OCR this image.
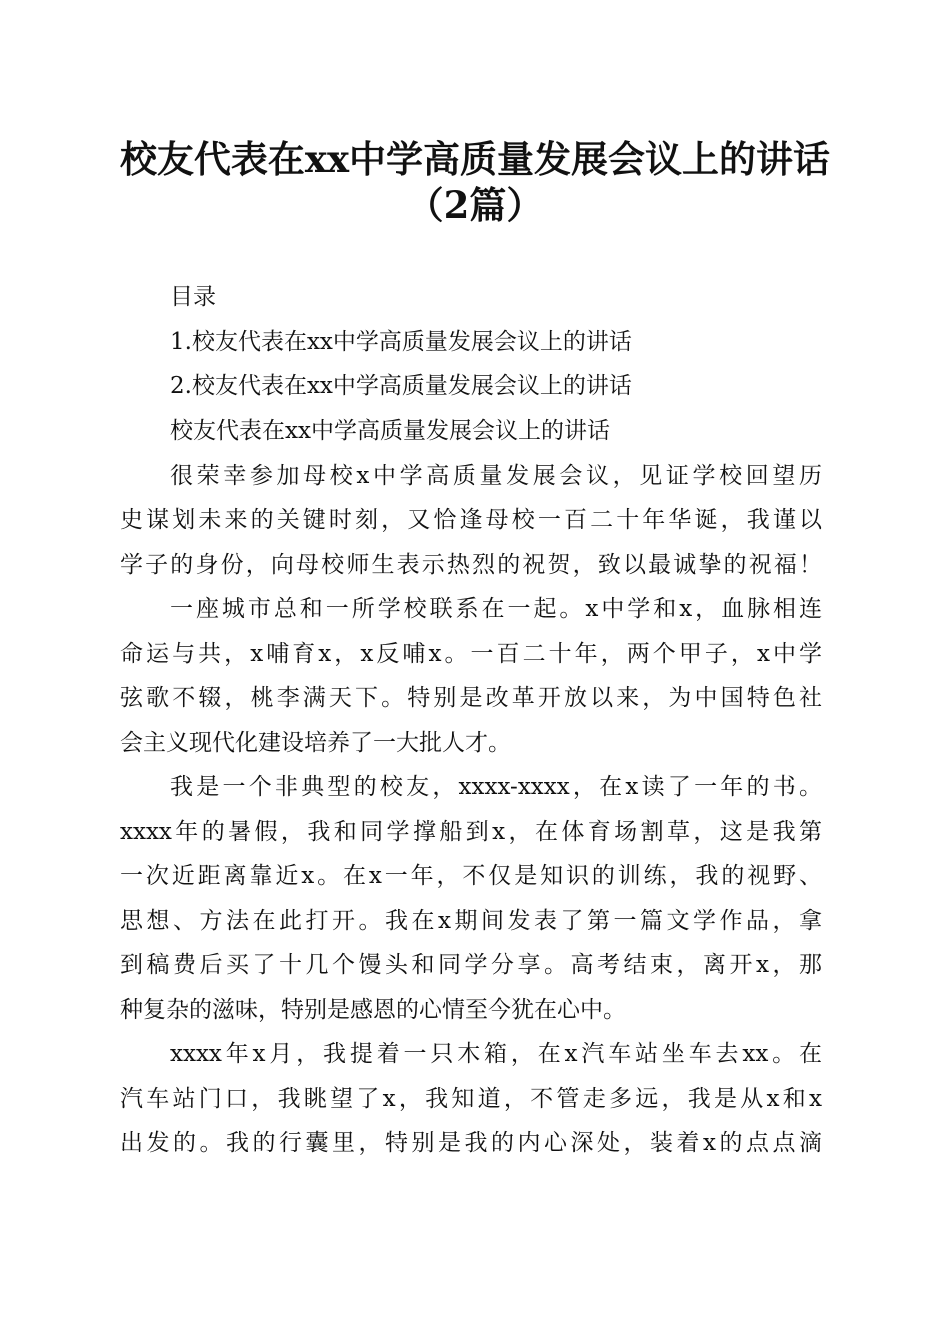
校友代表在xx中学高质量发展会议上的讲话
（2篇）

目录

1.校友代表在xx中学高质量发展会议上的讲话

2.校友代表在xx中学高质量发展会议上的讲话

校友代表在xx中学高质量发展会议上的讲话

很荣幸参加母校x中学高质量发展会议，见证学校回望历

史谋划未来的关键时刻，又恰逢母校一百二十年华诞，我谨以

学子的身份，向母校师生表示热烈的祝贺，致以最诚挚的祝福！

一座城市总和一所学校联系在一起。x中学和x，血脉相连

命运与共，x哺育x，x反哺x。一百二十年，两个甲子，x中学

弦歌不辍，桃李满天下。特别是改革开放以来，为中国特色社

会主义现代化建设培养了一大批人才。

我是一个非典型的校友，xxxx-xxxx，在x读了一年的书。

xxxx年的暑假，我和同学撑船到x，在体育场割草，这是我第

一次近距离靠近x。在x一年，不仅是知识的训练，我的视野、

思想、方法在此打开。我在x期间发表了第一篇文学作品，拿

到稿费后买了十几个馒头和同学分享。高考结束，离开x，那

种复杂的滋味，特别是感恩的心情至今犹在心中。

xxxx年x月，我提着一只木箱，在x汽车站坐车去xx。在

汽车站门口，我眺望了x，我知道，不管走多远，我是从x和x

出发的。我的行囊里，特别是我的内心深处，装着x的点点滴
